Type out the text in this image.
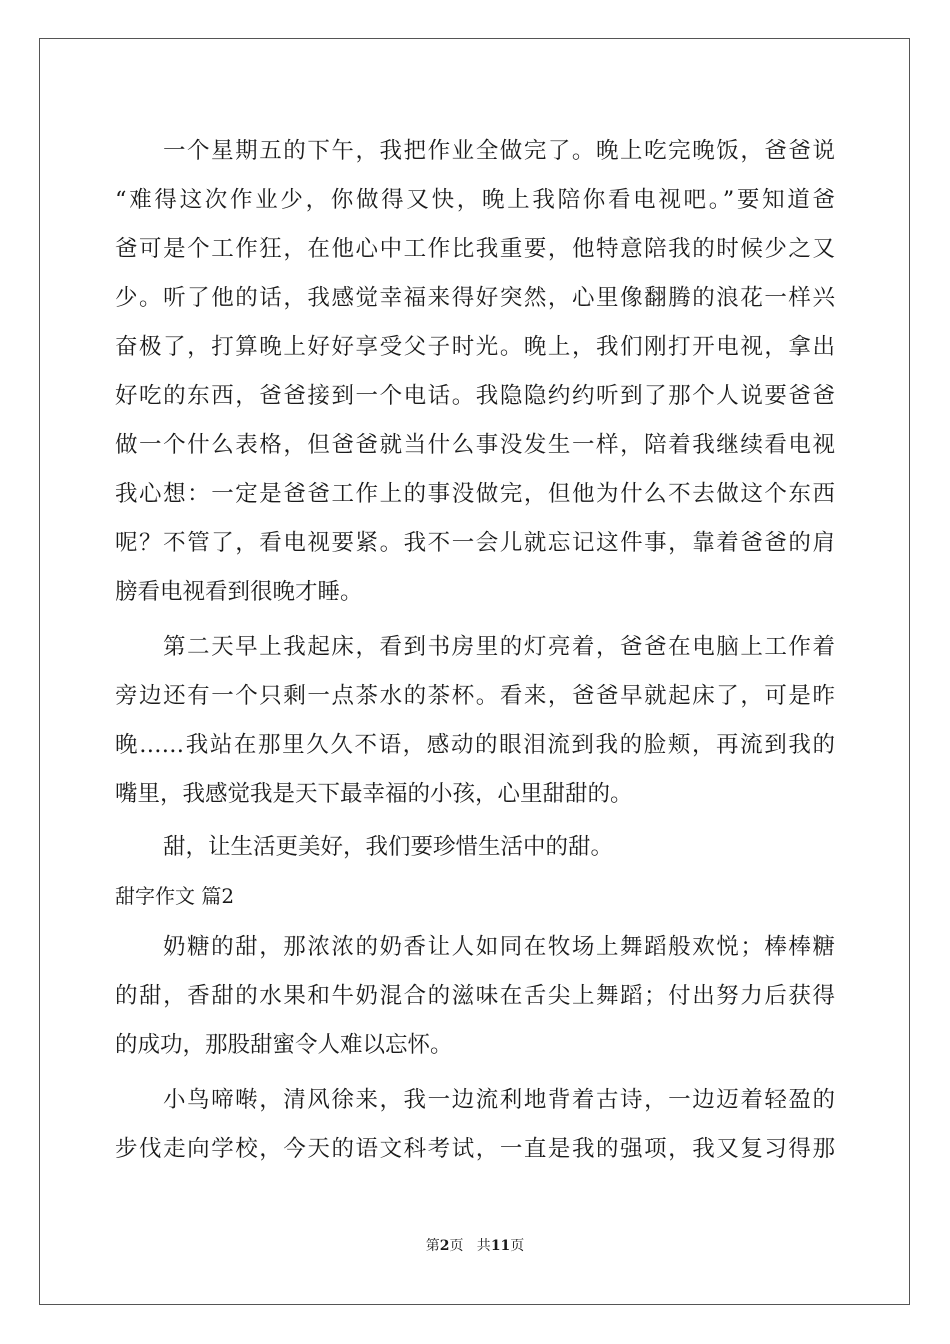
一个星期五的下午，我把作业全做完了。晚上吃完晚饭，爸爸说
“难得这次作业少，你做得又快，晚上我陪你看电视吧。”要知道爸
爸可是个工作狂，在他心中工作比我重要，他特意陪我的时候少之又
少。听了他的话，我感觉幸福来得好突然，心里像翻腾的浪花一样兴
奋极了，打算晚上好好享受父子时光。晚上，我们刚打开电视，拿出
好吃的东西，爸爸接到一个电话。我隐隐约约听到了那个人说要爸爸
做一个什么表格，但爸爸就当什么事没发生一样，陪着我继续看电视
我心想：一定是爸爸工作上的事没做完，但他为什么不去做这个东西
呢？不管了，看电视要紧。我不一会儿就忘记这件事，靠着爸爸的肩
膀看电视看到很晚才睡。
第二天早上我起床，看到书房里的灯亮着，爸爸在电脑上工作着
旁边还有一个只剩一点茶水的茶杯。看来，爸爸早就起床了，可是昨
晚……我站在那里久久不语，感动的眼泪流到我的脸颊，再流到我的
嘴里，我感觉我是天下最幸福的小孩，心里甜甜的。
甜，让生活更美好，我们要珍惜生活中的甜。
甜字作文 篇2
奶糖的甜，那浓浓的奶香让人如同在牧场上舞蹈般欢悦；棒棒糖
的甜，香甜的水果和牛奶混合的滋味在舌尖上舞蹈；付出努力后获得
的成功，那股甜蜜令人难以忘怀。
小鸟啼啭，清风徐来，我一边流利地背着古诗，一边迈着轻盈的
步伐走向学校，今天的语文科考试，一直是我的强项，我又复习得那
第2页   共11页
